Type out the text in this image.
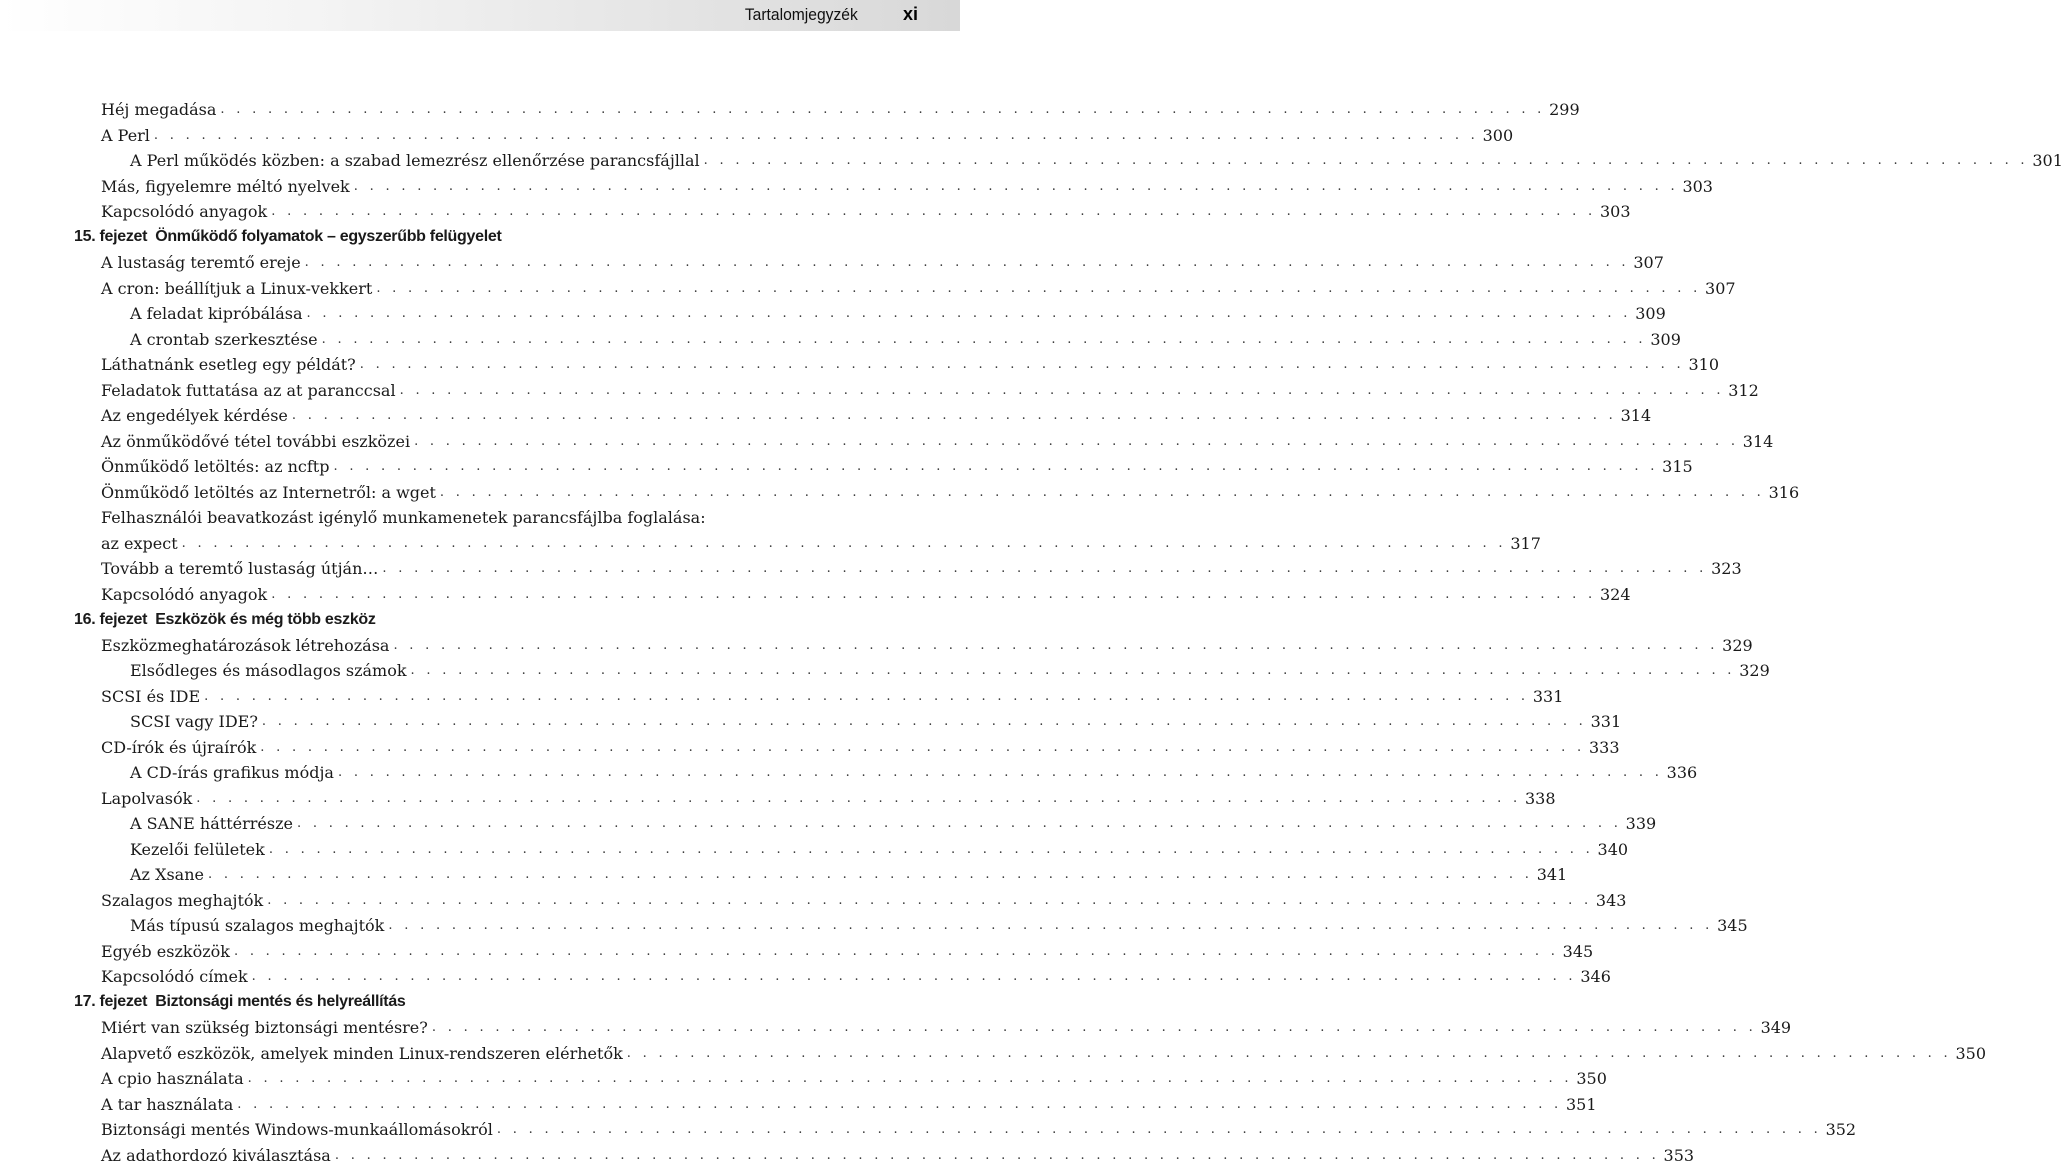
Tartalomjegyzék xi
Héj megadása . . . . . . . . . . . . . . . . . . . . . . . . . . . . . . . . . . . . . . . . . . . . . . . . . . . . . . . . . . . . . . . . . . . . . . . . . . . . . . . . . . . . 299
A Perl . . . . . . . . . . . . . . . . . . . . . . . . . . . . . . . . . . . . . . . . . . . . . . . . . . . . . . . . . . . . . . . . . . . . . . . . . . . . . . . . . . . . 300
A Perl működés közben: a szabad lemezrész ellenőrzése parancsfájllal . . . . . . . . . . . . . . . . . . . . . . . . . . . . . . . . . . . . . . . . . . . . . . . . . . . . . . . . . . . . . . . . . . . . . . . . . . . . . . . . . . . . 301
Más, figyelemre méltó nyelvek . . . . . . . . . . . . . . . . . . . . . . . . . . . . . . . . . . . . . . . . . . . . . . . . . . . . . . . . . . . . . . . . . . . . . . . . . . . . . . . . . . . . 303
Kapcsolódó anyagok . . . . . . . . . . . . . . . . . . . . . . . . . . . . . . . . . . . . . . . . . . . . . . . . . . . . . . . . . . . . . . . . . . . . . . . . . . . . . . . . . . . . 303
15. fejezet Önműködő folyamatok – egyszerűbb felügyelet
A lustaság teremtő ereje . . . . . . . . . . . . . . . . . . . . . . . . . . . . . . . . . . . . . . . . . . . . . . . . . . . . . . . . . . . . . . . . . . . . . . . . . . . . . . . . . . . . 307
A cron: beállítjuk a Linux-vekkert . . . . . . . . . . . . . . . . . . . . . . . . . . . . . . . . . . . . . . . . . . . . . . . . . . . . . . . . . . . . . . . . . . . . . . . . . . . . . . . . . . . . 307
A feladat kipróbálása . . . . . . . . . . . . . . . . . . . . . . . . . . . . . . . . . . . . . . . . . . . . . . . . . . . . . . . . . . . . . . . . . . . . . . . . . . . . . . . . . . . . 309
A crontab szerkesztése . . . . . . . . . . . . . . . . . . . . . . . . . . . . . . . . . . . . . . . . . . . . . . . . . . . . . . . . . . . . . . . . . . . . . . . . . . . . . . . . . . . . 309
Láthatnánk esetleg egy példát? . . . . . . . . . . . . . . . . . . . . . . . . . . . . . . . . . . . . . . . . . . . . . . . . . . . . . . . . . . . . . . . . . . . . . . . . . . . . . . . . . . . . 310
Feladatok futtatása az at paranccsal . . . . . . . . . . . . . . . . . . . . . . . . . . . . . . . . . . . . . . . . . . . . . . . . . . . . . . . . . . . . . . . . . . . . . . . . . . . . . . . . . . . . 312
Az engedélyek kérdése . . . . . . . . . . . . . . . . . . . . . . . . . . . . . . . . . . . . . . . . . . . . . . . . . . . . . . . . . . . . . . . . . . . . . . . . . . . . . . . . . . . . 314
Az önműködővé tétel további eszközei . . . . . . . . . . . . . . . . . . . . . . . . . . . . . . . . . . . . . . . . . . . . . . . . . . . . . . . . . . . . . . . . . . . . . . . . . . . . . . . . . . . . 314
Önműködő letöltés: az ncftp . . . . . . . . . . . . . . . . . . . . . . . . . . . . . . . . . . . . . . . . . . . . . . . . . . . . . . . . . . . . . . . . . . . . . . . . . . . . . . . . . . . . 315
Önműködő letöltés az Internetről: a wget . . . . . . . . . . . . . . . . . . . . . . . . . . . . . . . . . . . . . . . . . . . . . . . . . . . . . . . . . . . . . . . . . . . . . . . . . . . . . . . . . . . . 316
Felhasználói beavatkozást igénylő munkamenetek parancsfájlba foglalása:
az expect . . . . . . . . . . . . . . . . . . . . . . . . . . . . . . . . . . . . . . . . . . . . . . . . . . . . . . . . . . . . . . . . . . . . . . . . . . . . . . . . . . . . 317
Tovább a teremtő lustaság útján… . . . . . . . . . . . . . . . . . . . . . . . . . . . . . . . . . . . . . . . . . . . . . . . . . . . . . . . . . . . . . . . . . . . . . . . . . . . . . . . . . . . . 323
Kapcsolódó anyagok . . . . . . . . . . . . . . . . . . . . . . . . . . . . . . . . . . . . . . . . . . . . . . . . . . . . . . . . . . . . . . . . . . . . . . . . . . . . . . . . . . . . 324
16. fejezet Eszközök és még több eszköz
Eszközmeghatározások létrehozása . . . . . . . . . . . . . . . . . . . . . . . . . . . . . . . . . . . . . . . . . . . . . . . . . . . . . . . . . . . . . . . . . . . . . . . . . . . . . . . . . . . . 329
Elsődleges és másodlagos számok . . . . . . . . . . . . . . . . . . . . . . . . . . . . . . . . . . . . . . . . . . . . . . . . . . . . . . . . . . . . . . . . . . . . . . . . . . . . . . . . . . . . 329
SCSI és IDE . . . . . . . . . . . . . . . . . . . . . . . . . . . . . . . . . . . . . . . . . . . . . . . . . . . . . . . . . . . . . . . . . . . . . . . . . . . . . . . . . . . . 331
SCSI vagy IDE? . . . . . . . . . . . . . . . . . . . . . . . . . . . . . . . . . . . . . . . . . . . . . . . . . . . . . . . . . . . . . . . . . . . . . . . . . . . . . . . . . . . . 331
CD-írók és újraírók . . . . . . . . . . . . . . . . . . . . . . . . . . . . . . . . . . . . . . . . . . . . . . . . . . . . . . . . . . . . . . . . . . . . . . . . . . . . . . . . . . . . 333
A CD-írás grafikus módja . . . . . . . . . . . . . . . . . . . . . . . . . . . . . . . . . . . . . . . . . . . . . . . . . . . . . . . . . . . . . . . . . . . . . . . . . . . . . . . . . . . . 336
Lapolvasók . . . . . . . . . . . . . . . . . . . . . . . . . . . . . . . . . . . . . . . . . . . . . . . . . . . . . . . . . . . . . . . . . . . . . . . . . . . . . . . . . . . . 338
A SANE háttérrésze . . . . . . . . . . . . . . . . . . . . . . . . . . . . . . . . . . . . . . . . . . . . . . . . . . . . . . . . . . . . . . . . . . . . . . . . . . . . . . . . . . . . 339
Kezelői felületek . . . . . . . . . . . . . . . . . . . . . . . . . . . . . . . . . . . . . . . . . . . . . . . . . . . . . . . . . . . . . . . . . . . . . . . . . . . . . . . . . . . . 340
Az Xsane . . . . . . . . . . . . . . . . . . . . . . . . . . . . . . . . . . . . . . . . . . . . . . . . . . . . . . . . . . . . . . . . . . . . . . . . . . . . . . . . . . . . 341
Szalagos meghajtók . . . . . . . . . . . . . . . . . . . . . . . . . . . . . . . . . . . . . . . . . . . . . . . . . . . . . . . . . . . . . . . . . . . . . . . . . . . . . . . . . . . . 343
Más típusú szalagos meghajtók . . . . . . . . . . . . . . . . . . . . . . . . . . . . . . . . . . . . . . . . . . . . . . . . . . . . . . . . . . . . . . . . . . . . . . . . . . . . . . . . . . . . 345
Egyéb eszközök . . . . . . . . . . . . . . . . . . . . . . . . . . . . . . . . . . . . . . . . . . . . . . . . . . . . . . . . . . . . . . . . . . . . . . . . . . . . . . . . . . . . 345
Kapcsolódó címek . . . . . . . . . . . . . . . . . . . . . . . . . . . . . . . . . . . . . . . . . . . . . . . . . . . . . . . . . . . . . . . . . . . . . . . . . . . . . . . . . . . . 346
17. fejezet Biztonsági mentés és helyreállítás
Miért van szükség biztonsági mentésre? . . . . . . . . . . . . . . . . . . . . . . . . . . . . . . . . . . . . . . . . . . . . . . . . . . . . . . . . . . . . . . . . . . . . . . . . . . . . . . . . . . . . 349
Alapvető eszközök, amelyek minden Linux-rendszeren elérhetők . . . . . . . . . . . . . . . . . . . . . . . . . . . . . . . . . . . . . . . . . . . . . . . . . . . . . . . . . . . . . . . . . . . . . . . . . . . . . . . . . . . . 350
A cpio használata . . . . . . . . . . . . . . . . . . . . . . . . . . . . . . . . . . . . . . . . . . . . . . . . . . . . . . . . . . . . . . . . . . . . . . . . . . . . . . . . . . . . 350
A tar használata . . . . . . . . . . . . . . . . . . . . . . . . . . . . . . . . . . . . . . . . . . . . . . . . . . . . . . . . . . . . . . . . . . . . . . . . . . . . . . . . . . . . 351
Biztonsági mentés Windows-munkaállomásokról . . . . . . . . . . . . . . . . . . . . . . . . . . . . . . . . . . . . . . . . . . . . . . . . . . . . . . . . . . . . . . . . . . . . . . . . . . . . . . . . . . . . 352
Az adathordozó kiválasztása . . . . . . . . . . . . . . . . . . . . . . . . . . . . . . . . . . . . . . . . . . . . . . . . . . . . . . . . . . . . . . . . . . . . . . . . . . . . . . . . . . . . 353
